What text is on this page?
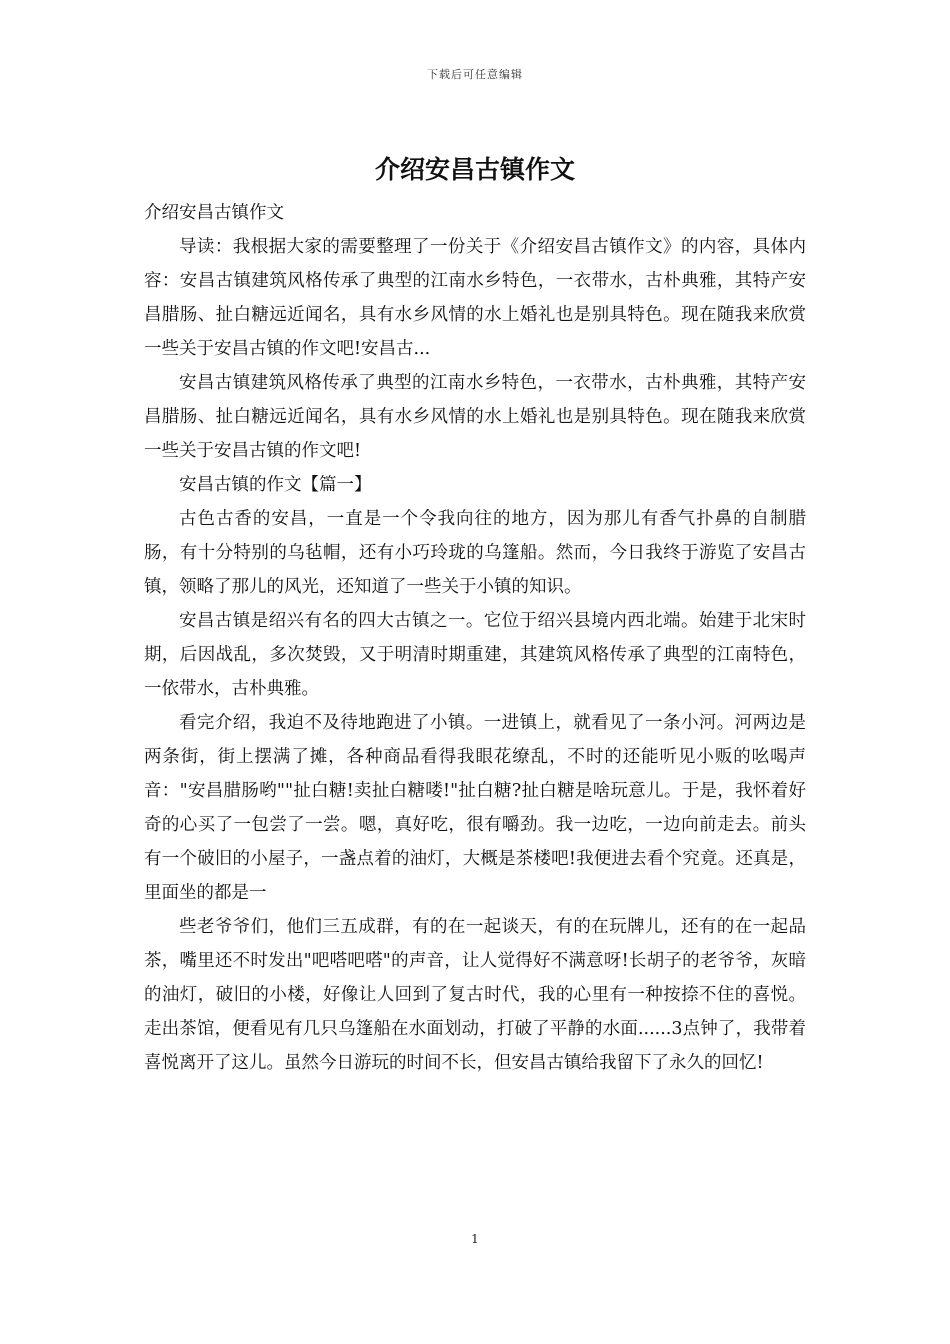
下载后可任意编辑
介绍安昌古镇作文

介绍安昌古镇作文

导读：我根据大家的需要整理了一份关于《介绍安昌古镇作文》的内容，具体内容：安昌古镇建筑风格传承了典型的江南水乡特色，一衣带水，古朴典雅，其特产安昌腊肠、扯白糖远近闻名，具有水乡风情的水上婚礼也是别具特色。现在随我来欣赏一些关于安昌古镇的作文吧!安昌古...

安昌古镇建筑风格传承了典型的江南水乡特色，一衣带水，古朴典雅，其特产安昌腊肠、扯白糖远近闻名，具有水乡风情的水上婚礼也是别具特色。现在随我来欣赏一些关于安昌古镇的作文吧!

安昌古镇的作文【篇一】

古色古香的安昌，一直是一个令我向往的地方，因为那儿有香气扑鼻的自制腊肠，有十分特别的乌毡帽，还有小巧玲珑的乌篷船。然而，今日我终于游览了安昌古镇，领略了那儿的风光，还知道了一些关于小镇的知识。

安昌古镇是绍兴有名的四大古镇之一。它位于绍兴县境内西北端。始建于北宋时期，后因战乱，多次焚毁，又于明清时期重建，其建筑风格传承了典型的江南特色，一依带水，古朴典雅。

看完介绍，我迫不及待地跑进了小镇。一进镇上，就看见了一条小河。河两边是两条街，街上摆满了摊，各种商品看得我眼花缭乱，不时的还能听见小贩的吆喝声音："安昌腊肠哟""扯白糖!卖扯白糖喽!"扯白糖?扯白糖是啥玩意儿。于是，我怀着好奇的心买了一包尝了一尝。嗯，真好吃，很有嚼劲。我一边吃，一边向前走去。前头有一个破旧的小屋子，一盏点着的油灯，大概是茶楼吧!我便进去看个究竟。还真是，里面坐的都是一

些老爷爷们，他们三五成群，有的在一起谈天，有的在玩牌儿，还有的在一起品茶，嘴里还不时发出"吧嗒吧嗒"的声音，让人觉得好不满意呀!长胡子的老爷爷，灰暗的油灯，破旧的小楼，好像让人回到了复古时代，我的心里有一种按捺不住的喜悦。走出茶馆，便看见有几只乌篷船在水面划动，打破了平静的水面......3点钟了，我带着喜悦离开了这儿。虽然今日游玩的时间不长，但安昌古镇给我留下了永久的回忆!

1
